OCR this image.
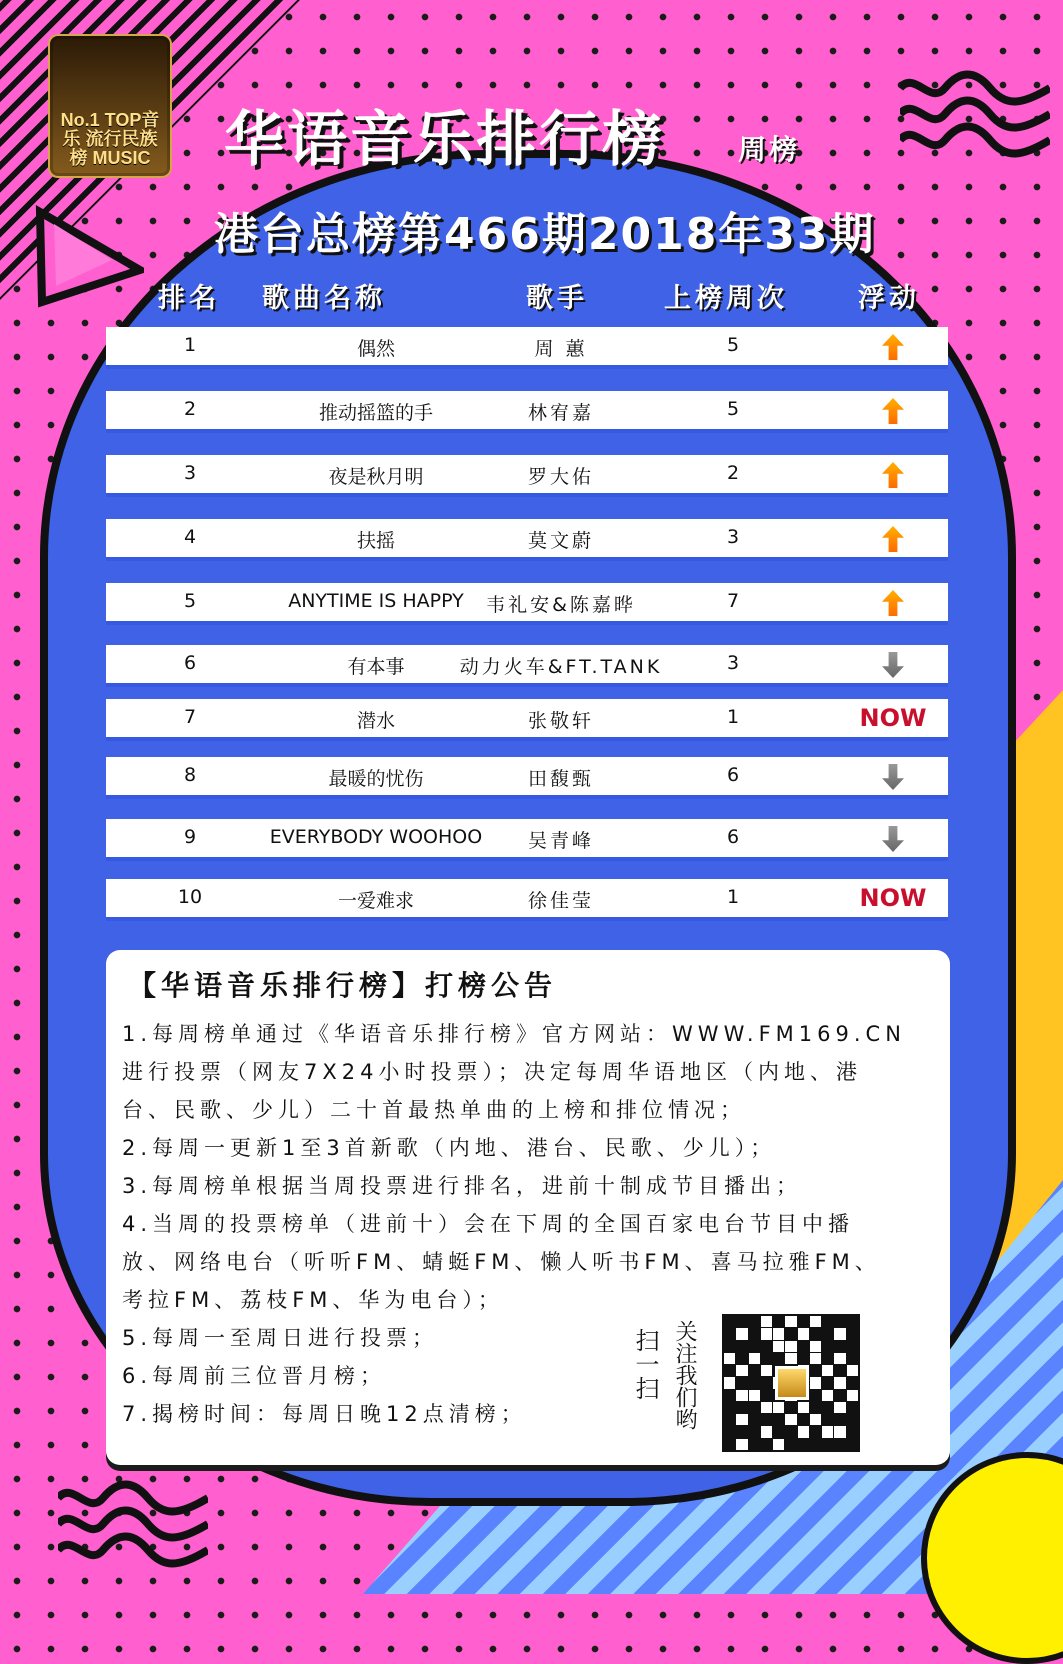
No.1 TOP音乐 流行民族 榜 MUSIC 华语音乐排行榜	周榜
港台总榜第466期2018年33期
排名 歌曲名称	歌手	上榜周次	浮动
1	偶然	周 蕙	5
2	推动摇篮的手	林宥嘉	5
3	夜是秋月明	罗大佑	2
4	扶摇	莫文蔚	3
5	ANYTIME IS HAPPY	韦礼安&陈嘉晔	7
6	有本事	动力火车&FT.TANK	3
7	潜水	张敬轩	1	NOW
8	最暖的忧伤	田馥甄	6
9	EVERYBODY WOOHOO	吴青峰	6
10	一爱难求	徐佳莹	1	NOW
【华语音乐排行榜】打榜公告
1.每周榜单通过《华语音乐排行榜》官方网站：WWW.FM169.CN
进行投票（网友7X24小时投票）；决定每周华语地区（内地、港
台、民歌、少儿）二十首最热单曲的上榜和排位情况；
2.每周一更新1至3首新歌（内地、港台、民歌、少儿）；
3.每周榜单根据当周投票进行排名，进前十制成节目播出；
4.当周的投票榜单（进前十）会在下周的全国百家电台节目中播
放、网络电台（听听FM、蜻蜓FM、懒人听书FM、喜马拉雅FM、
考拉FM、荔枝FM、华为电台）；
5.每周一至周日进行投票；
6.每周前三位晋月榜；
7.揭榜时间：每周日晚12点清榜；
扫一扫 关注我们哟
